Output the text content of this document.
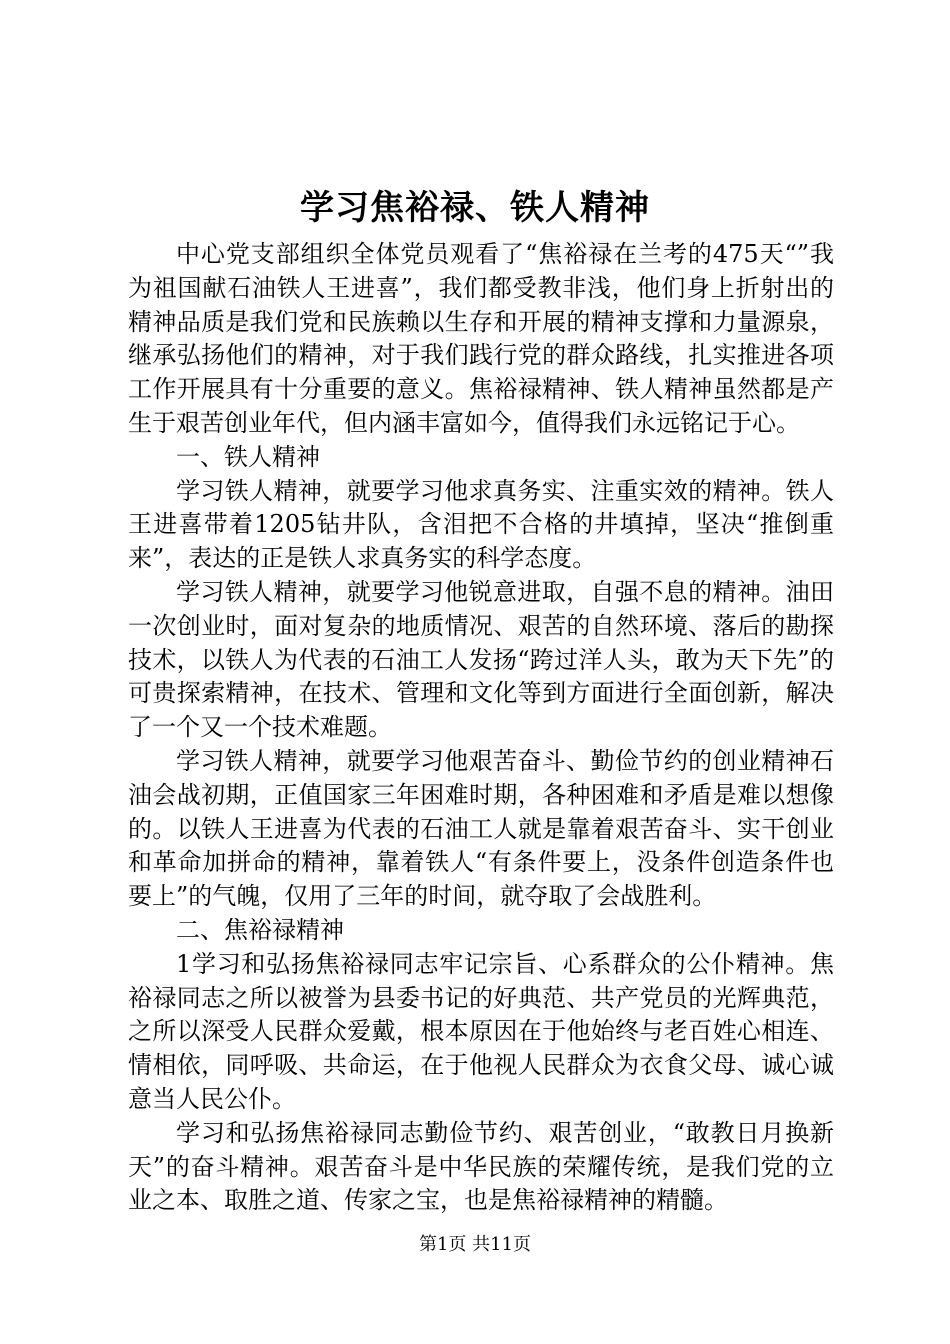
学习焦裕禄、铁人精神

中心党支部组织全体党员观看了“焦裕禄在兰考的475天“”我为祖国献石油铁人王进喜”，我们都受教非浅，他们身上折射出的精神品质是我们党和民族赖以生存和开展的精神支撑和力量源泉，继承弘扬他们的精神，对于我们践行党的群众路线，扎实推进各项工作开展具有十分重要的意义。焦裕禄精神、铁人精神虽然都是产生于艰苦创业年代，但内涵丰富如今，值得我们永远铭记于心。

一、铁人精神

学习铁人精神，就要学习他求真务实、注重实效的精神。铁人王进喜带着1205钻井队，含泪把不合格的井填掉，坚决“推倒重来”，表达的正是铁人求真务实的科学态度。

学习铁人精神，就要学习他锐意进取，自强不息的精神。油田一次创业时，面对复杂的地质情况、艰苦的自然环境、落后的勘探技术，以铁人为代表的石油工人发扬“跨过洋人头，敢为天下先”的可贵探索精神，在技术、管理和文化等到方面进行全面创新，解决了一个又一个技术难题。

学习铁人精神，就要学习他艰苦奋斗、勤俭节约的创业精神石油会战初期，正值国家三年困难时期，各种困难和矛盾是难以想像的。以铁人王进喜为代表的石油工人就是靠着艰苦奋斗、实干创业和革命加拼命的精神，靠着铁人“有条件要上，没条件创造条件也要上”的气魄，仅用了三年的时间，就夺取了会战胜利。

二、焦裕禄精神

1学习和弘扬焦裕禄同志牢记宗旨、心系群众的公仆精神。焦裕禄同志之所以被誉为县委书记的好典范、共产党员的光辉典范，之所以深受人民群众爱戴，根本原因在于他始终与老百姓心相连、情相依，同呼吸、共命运，在于他视人民群众为衣食父母、诚心诚意当人民公仆。

学习和弘扬焦裕禄同志勤俭节约、艰苦创业，“敢教日月换新天”的奋斗精神。艰苦奋斗是中华民族的荣耀传统，是我们党的立业之本、取胜之道、传家之宝，也是焦裕禄精神的精髓。

第1页 共11页
